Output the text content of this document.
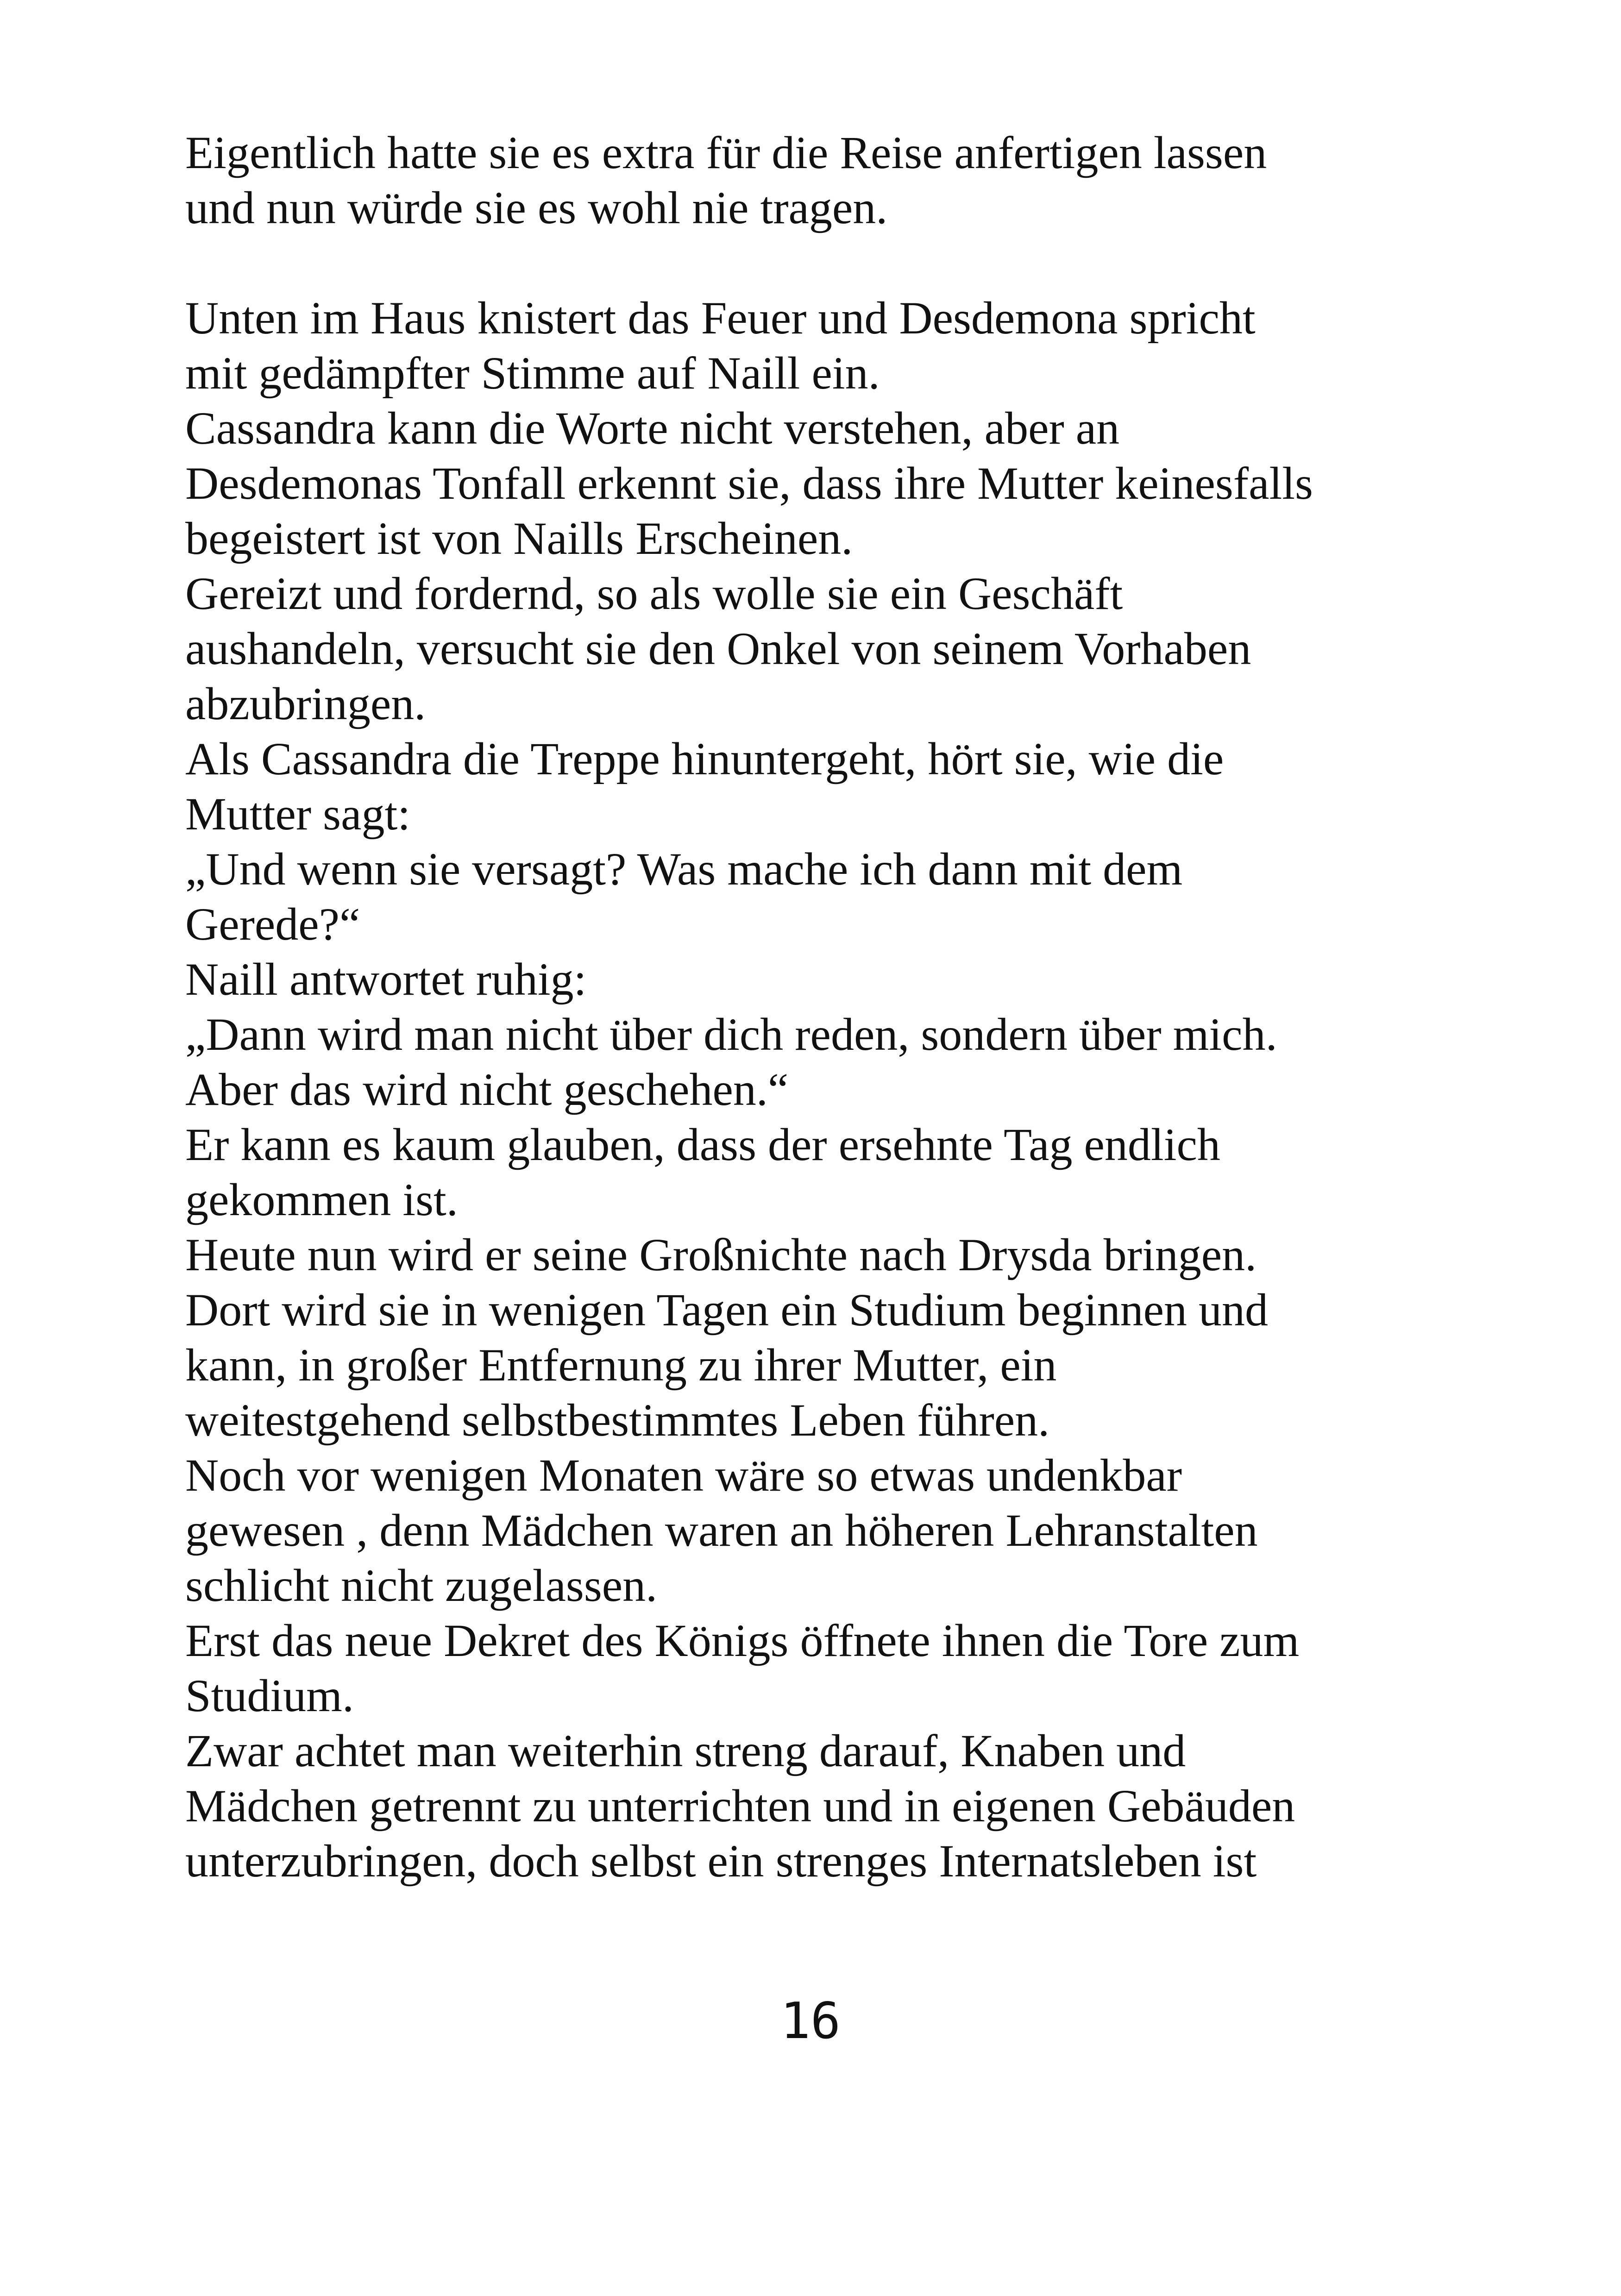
Eigentlich hatte sie es extra für die Reise anfertigen lassen
und nun würde sie es wohl nie tragen.
Unten im Haus knistert das Feuer und Desdemona spricht
mit gedämpfter Stimme auf Naill ein.
Cassandra kann die Worte nicht verstehen, aber an
Desdemonas Tonfall erkennt sie, dass ihre Mutter keinesfalls
begeistert ist von Naills Erscheinen.
Gereizt und fordernd, so als wolle sie ein Geschäft
aushandeln, versucht sie den Onkel von seinem Vorhaben
abzubringen.
Als Cassandra die Treppe hinuntergeht, hört sie, wie die
Mutter sagt:
„Und wenn sie versagt? Was mache ich dann mit dem
Gerede?“
Naill antwortet ruhig:
„Dann wird man nicht über dich reden, sondern über mich.
Aber das wird nicht geschehen.“
Er kann es kaum glauben, dass der ersehnte Tag endlich
gekommen ist.
Heute nun wird er seine Großnichte nach Drysda bringen.
Dort wird sie in wenigen Tagen ein Studium beginnen und
kann, in großer Entfernung zu ihrer Mutter, ein
weitestgehend selbstbestimmtes Leben führen.
Noch vor wenigen Monaten wäre so etwas undenkbar
gewesen , denn Mädchen waren an höheren Lehranstalten
schlicht nicht zugelassen.
Erst das neue Dekret des Königs öffnete ihnen die Tore zum
Studium.
Zwar achtet man weiterhin streng darauf, Knaben und
Mädchen getrennt zu unterrichten und in eigenen Gebäuden
unterzubringen, doch selbst ein strenges Internatsleben ist
16
